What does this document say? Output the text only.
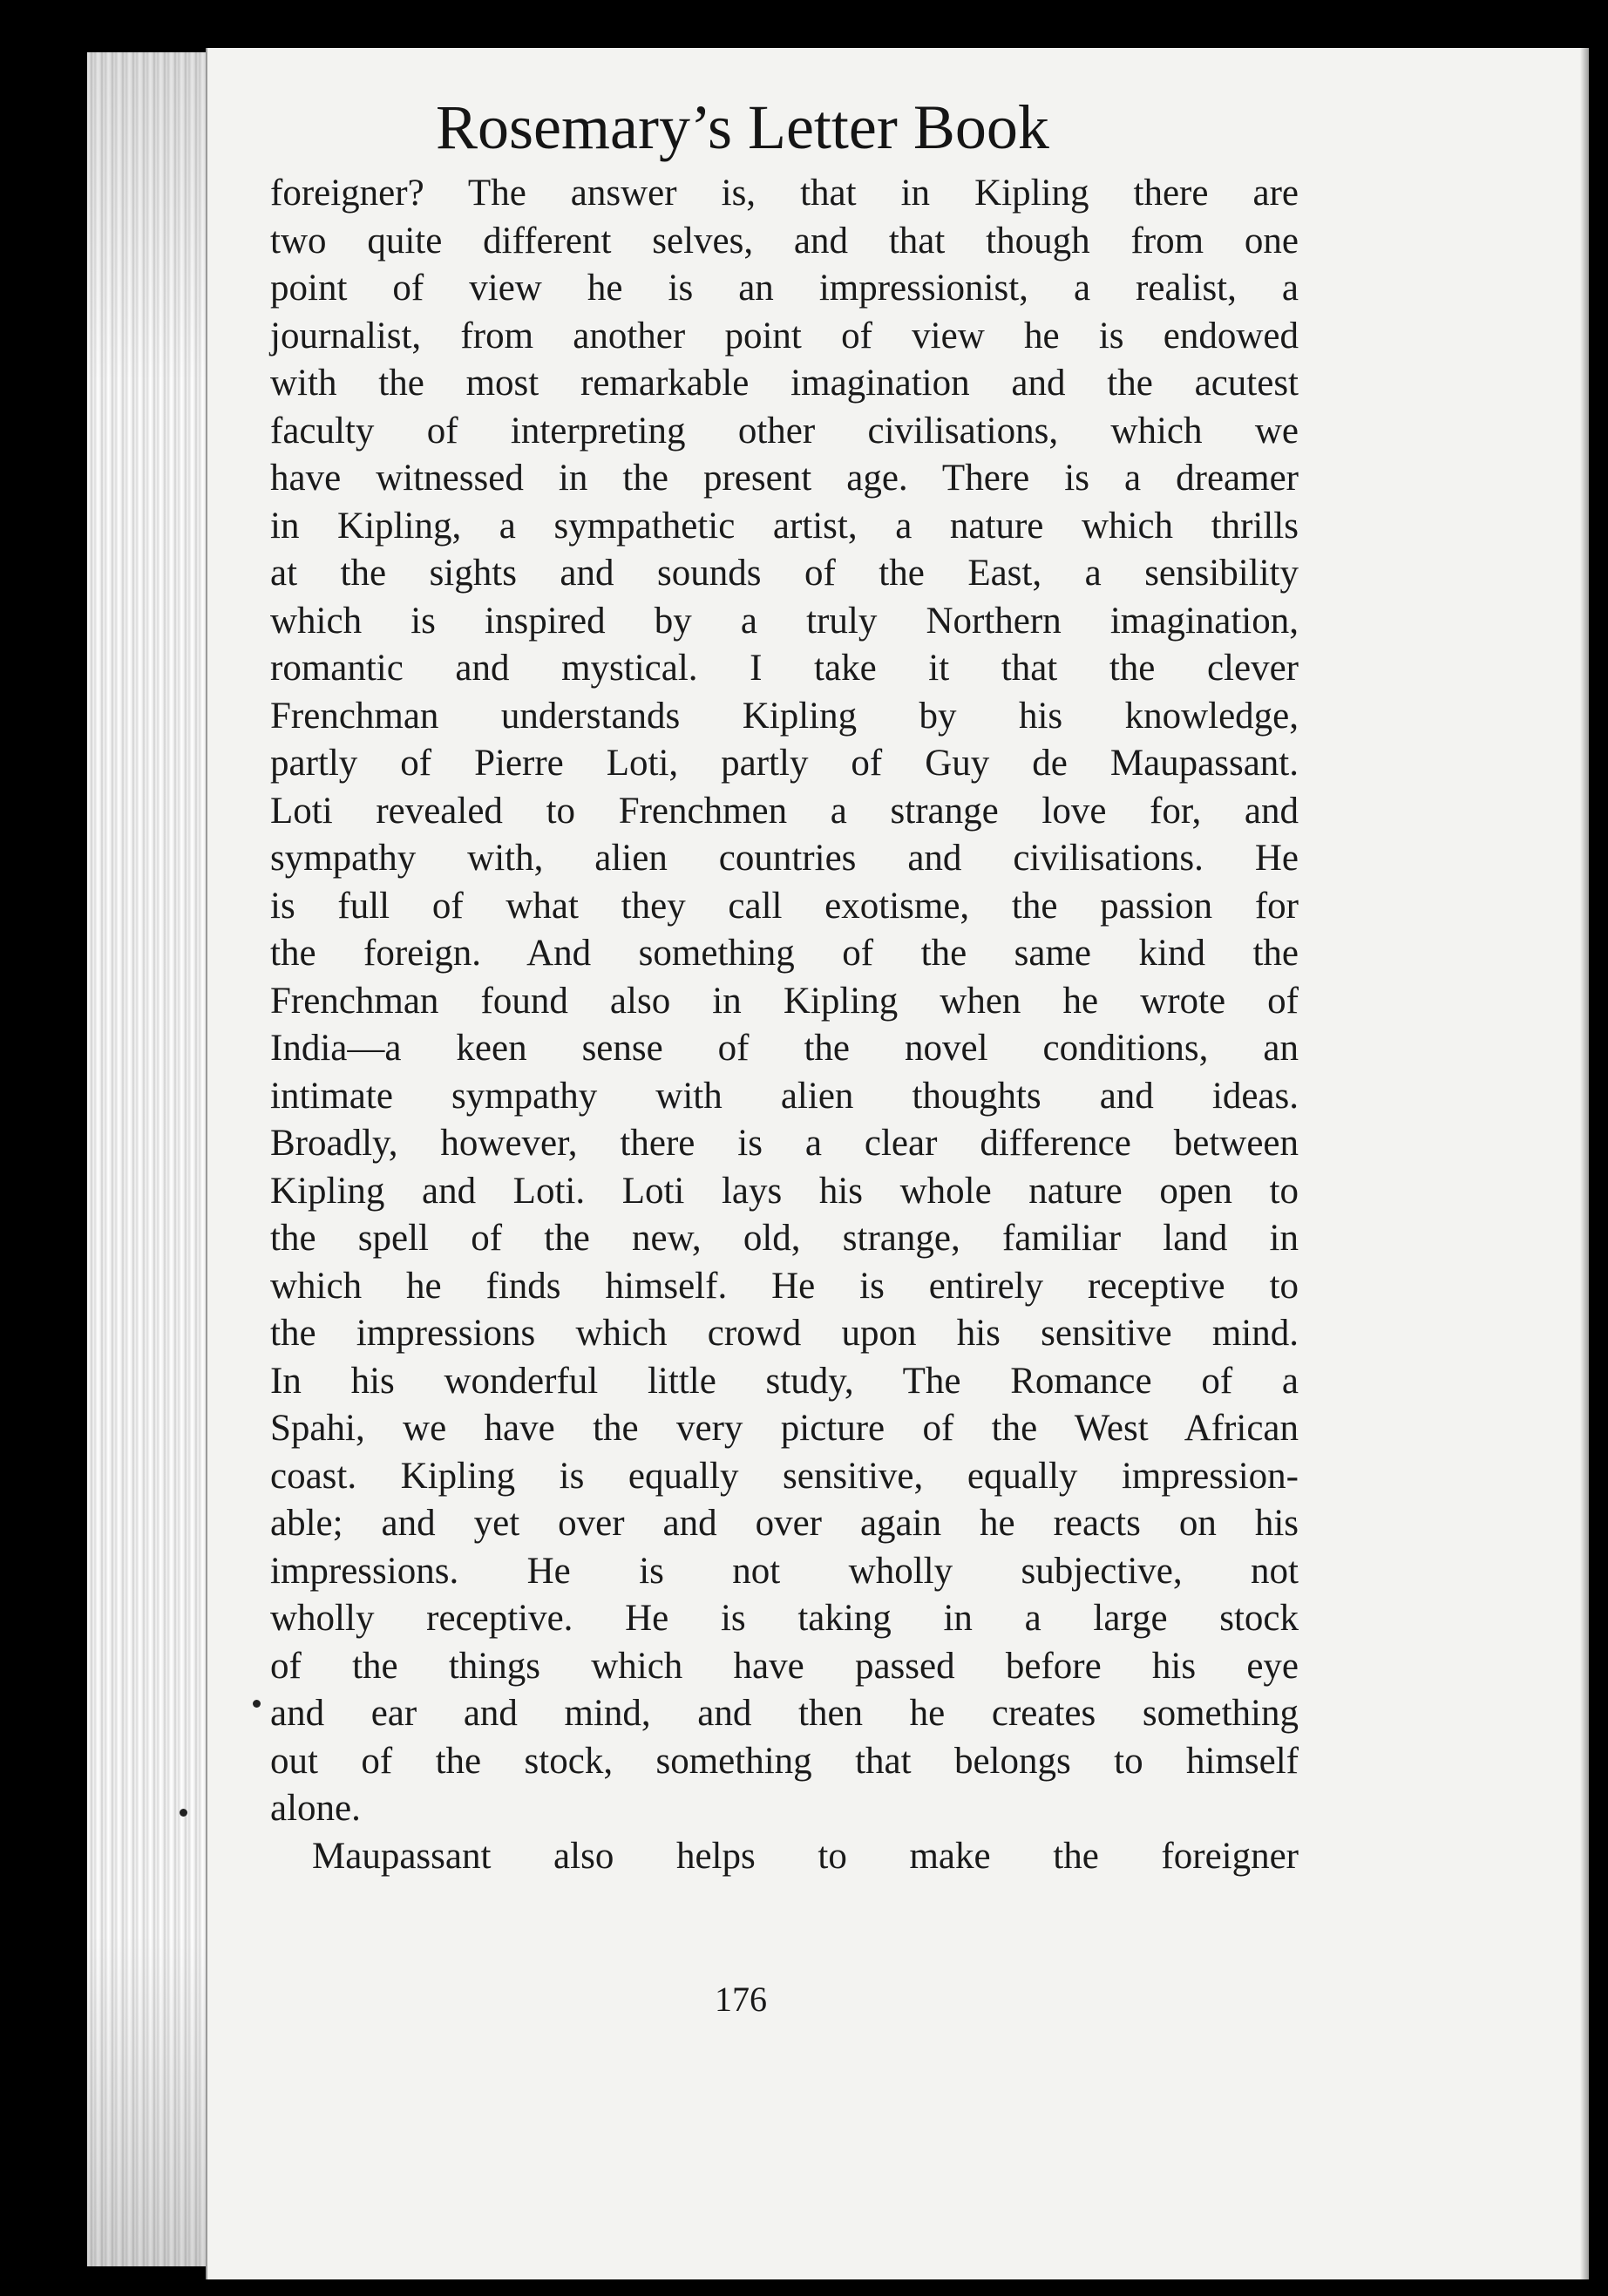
Rosemary’s Letter Book
foreigner? The answer is, that in Kipling there are
two quite different selves, and that though from one
point of view he is an impressionist, a realist, a
journalist, from another point of view he is endowed
with the most remarkable imagination and the acutest
faculty of interpreting other civilisations, which we
have witnessed in the present age. There is a dreamer
in Kipling, a sympathetic artist, a nature which thrills
at the sights and sounds of the East, a sensibility
which is inspired by a truly Northern imagination,
romantic and mystical. I take it that the clever
Frenchman understands Kipling by his knowledge,
partly of Pierre Loti, partly of Guy de Maupassant.
Loti revealed to Frenchmen a strange love for, and
sympathy with, alien countries and civilisations. He
is full of what they call exotisme, the passion for
the foreign. And something of the same kind the
Frenchman found also in Kipling when he wrote of
India—a keen sense of the novel conditions, an
intimate sympathy with alien thoughts and ideas.
Broadly, however, there is a clear difference between
Kipling and Loti. Loti lays his whole nature open to
the spell of the new, old, strange, familiar land in
which he finds himself. He is entirely receptive to
the impressions which crowd upon his sensitive mind.
In his wonderful little study, The Romance of a
Spahi, we have the very picture of the West African
coast. Kipling is equally sensitive, equally impression-
able; and yet over and over again he reacts on his
impressions. He is not wholly subjective, not
wholly receptive. He is taking in a large stock
of the things which have passed before his eye
and ear and mind, and then he creates something
out of the stock, something that belongs to himself
alone.
Maupassant also helps to make the foreigner
176
